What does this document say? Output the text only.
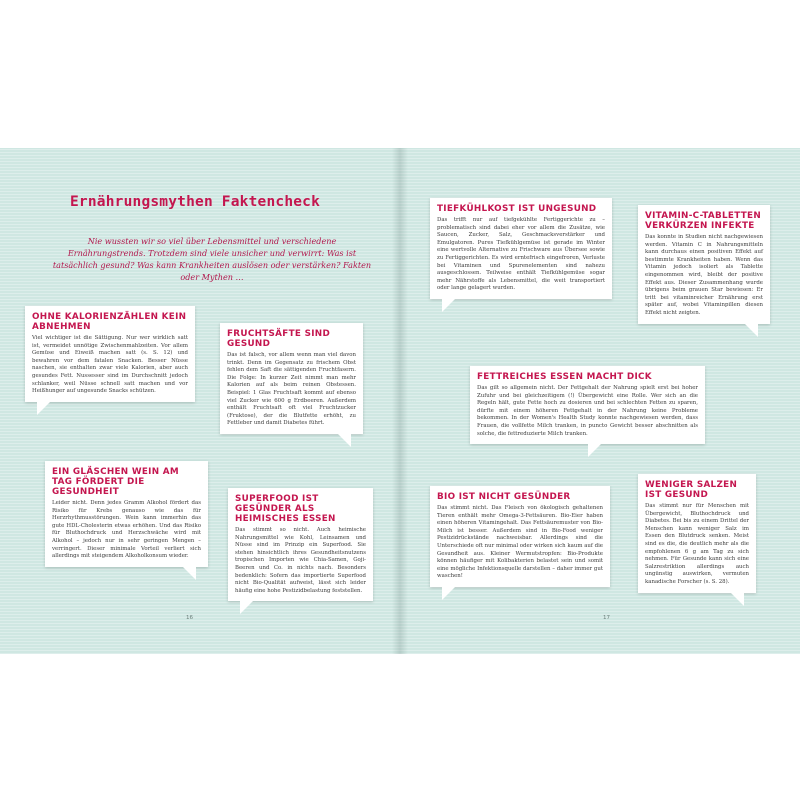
Ernährungsmythen Faktencheck

Nie wussten wir so viel über Lebensmittel und verschiedene Ernährungstrends. Trotzdem sind viele unsicher und verwirrt: Was ist tatsächlich gesund? Was kann Krankheiten auslösen oder verstärken? Fakten oder Mythen …

OHNE KALORIENZÄHLEN KEIN ABNEHMEN

Viel wichtiger ist die Sättigung. Nur wer wirklich satt ist, vermeidet unnötige Zwischenmahlzeiten. Vor allem Gemüse und Eiweiß machen satt (s. S. 12) und bewahren vor dem fatalen Snacken. Besser Nüsse naschen, sie enthalten zwar viele Kalorien, aber auch gesundes Fett. Nussesser sind im Durchschnitt jedoch schlanker, weil Nüsse schnell satt machen und vor Heißhunger auf ungesunde Snacks schützen.

FRUCHTSÄFTE SIND GESUND

Das ist falsch, vor allem wenn man viel davon trinkt. Denn im Gegensatz zu frischem Obst fehlen dem Saft die sättigenden Fruchtfasern. Die Folge: In kurzer Zeit nimmt man mehr Kalorien auf als beim reinen Obstessen. Beispiel: 1 Glas Fruchtsaft kommt auf ebenso viel Zucker wie 600 g Erdbeeren. Außerdem enthält Fruchtsaft oft viel Fruchtzucker (Fruktose), der die Blutfette erhöht, zu Fettleber und damit Diabetes führt.

EIN GLÄSCHEN WEIN AM TAG FÖRDERT DIE GESUNDHEIT

Leider nicht. Denn jedes Gramm Alkohol fördert das Risiko für Krebs genauso wie das für Herzrhythmusstörungen. Wein kann immerhin das gute HDL-Cholesterin etwas erhöhen. Und das Risiko für Bluthochdruck und Herzschwäche wird mit Alkohol – jedoch nur in sehr geringen Mengen – verringert. Dieser minimale Vorteil verliert sich allerdings mit steigendem Alkoholkonsum wieder.

SUPERFOOD IST GESÜNDER ALS HEIMISCHES ESSEN

Das stimmt so nicht. Auch heimische Nahrungsmittel wie Kohl, Leinsamen und Nüsse sind im Prinzip ein Superfood. Sie stehen hinsichtlich ihres Gesundheitsnutzens tropischen Importen wie Chia-Samen, Goji-Beeren und Co. in nichts nach. Besonders bedenklich: Sofern das importierte Superfood nicht Bio-Qualität aufweist, lässt sich leider häufig eine hohe Pestizidbelastung feststellen.

16

TIEFKÜHLKOST IST UNGESUND

Das trifft nur auf tiefgekühlte Fertiggerichte zu – problematisch sind dabei eher vor allem die Zusätze, wie Saucen, Zucker, Salz, Geschmacksverstärker und Emulgatoren. Pures Tiefkühlgemüse ist gerade im Winter eine wertvolle Alternative zu Frischware aus Übersee sowie zu Fertiggerichten. Es wird erntefrisch eingefroren, Verluste bei Vitaminen und Spurenelementen sind nahezu ausgeschlossen. Teilweise enthält Tiefkühlgemüse sogar mehr Nährstoffe als Lebensmittel, die weit transportiert oder lange gelagert wurden.

VITAMIN-C-TABLETTEN VERKÜRZEN INFEKTE

Das konnte in Studien nicht nachgewiesen werden. Vitamin C in Nahrungsmitteln kann durchaus einen positiven Effekt auf bestimmte Krankheiten haben. Wenn das Vitamin jedoch isoliert als Tablette eingenommen wird, bleibt der positive Effekt aus. Dieser Zusammenhang wurde übrigens beim grauen Star bewiesen: Er tritt bei vitaminreicher Ernährung erst später auf, wobei Vitaminpillen diesen Effekt nicht zeigten.

FETTREICHES ESSEN MACHT DICK

Das gilt so allgemein nicht. Der Fettgehalt der Nahrung spielt erst bei hoher Zufuhr und bei gleichzeitigem (!) Übergewicht eine Rolle. Wer sich an die Regeln hält, gute Fette hoch zu dosieren und bei schlechten Fetten zu sparen, dürfte mit einem höheren Fettgehalt in der Nahrung keine Probleme bekommen. In der Women's Health Study konnte nachgewiesen werden, dass Frauen, die vollfette Milch tranken, in puncto Gewicht besser abschnitten als solche, die fettreduzierte Milch tranken.

BIO IST NICHT GESÜNDER

Das stimmt nicht. Das Fleisch von ökologisch gehaltenen Tieren enthält mehr Omega-3-Fettsäuren. Bio-Eier haben einen höheren Vitamingehalt. Das Fettsäuremuster von Bio-Milch ist besser. Außerdem sind in Bio-Food weniger Pestizidrückstände nachweisbar. Allerdings sind die Unterschiede oft nur minimal oder wirken sich kaum auf die Gesundheit aus. Kleiner Wermutstropfen: Bio-Produkte können häufiger mit Kolibakterien belastet sein und somit eine mögliche Infektionsquelle darstellen – daher immer gut waschen!

WENIGER SALZEN IST GESUND

Das stimmt nur für Menschen mit Übergewicht, Bluthochdruck und Diabetes. Bei bis zu einem Drittel der Menschen kann weniger Salz im Essen den Blutdruck senken. Meist sind es die, die deutlich mehr als die empfohlenen 6 g am Tag zu sich nehmen. Für Gesunde kann sich eine Salzrestriktion allerdings auch ungünstig auswirken, vermuten kanadische Forscher (s. S. 28).

17
